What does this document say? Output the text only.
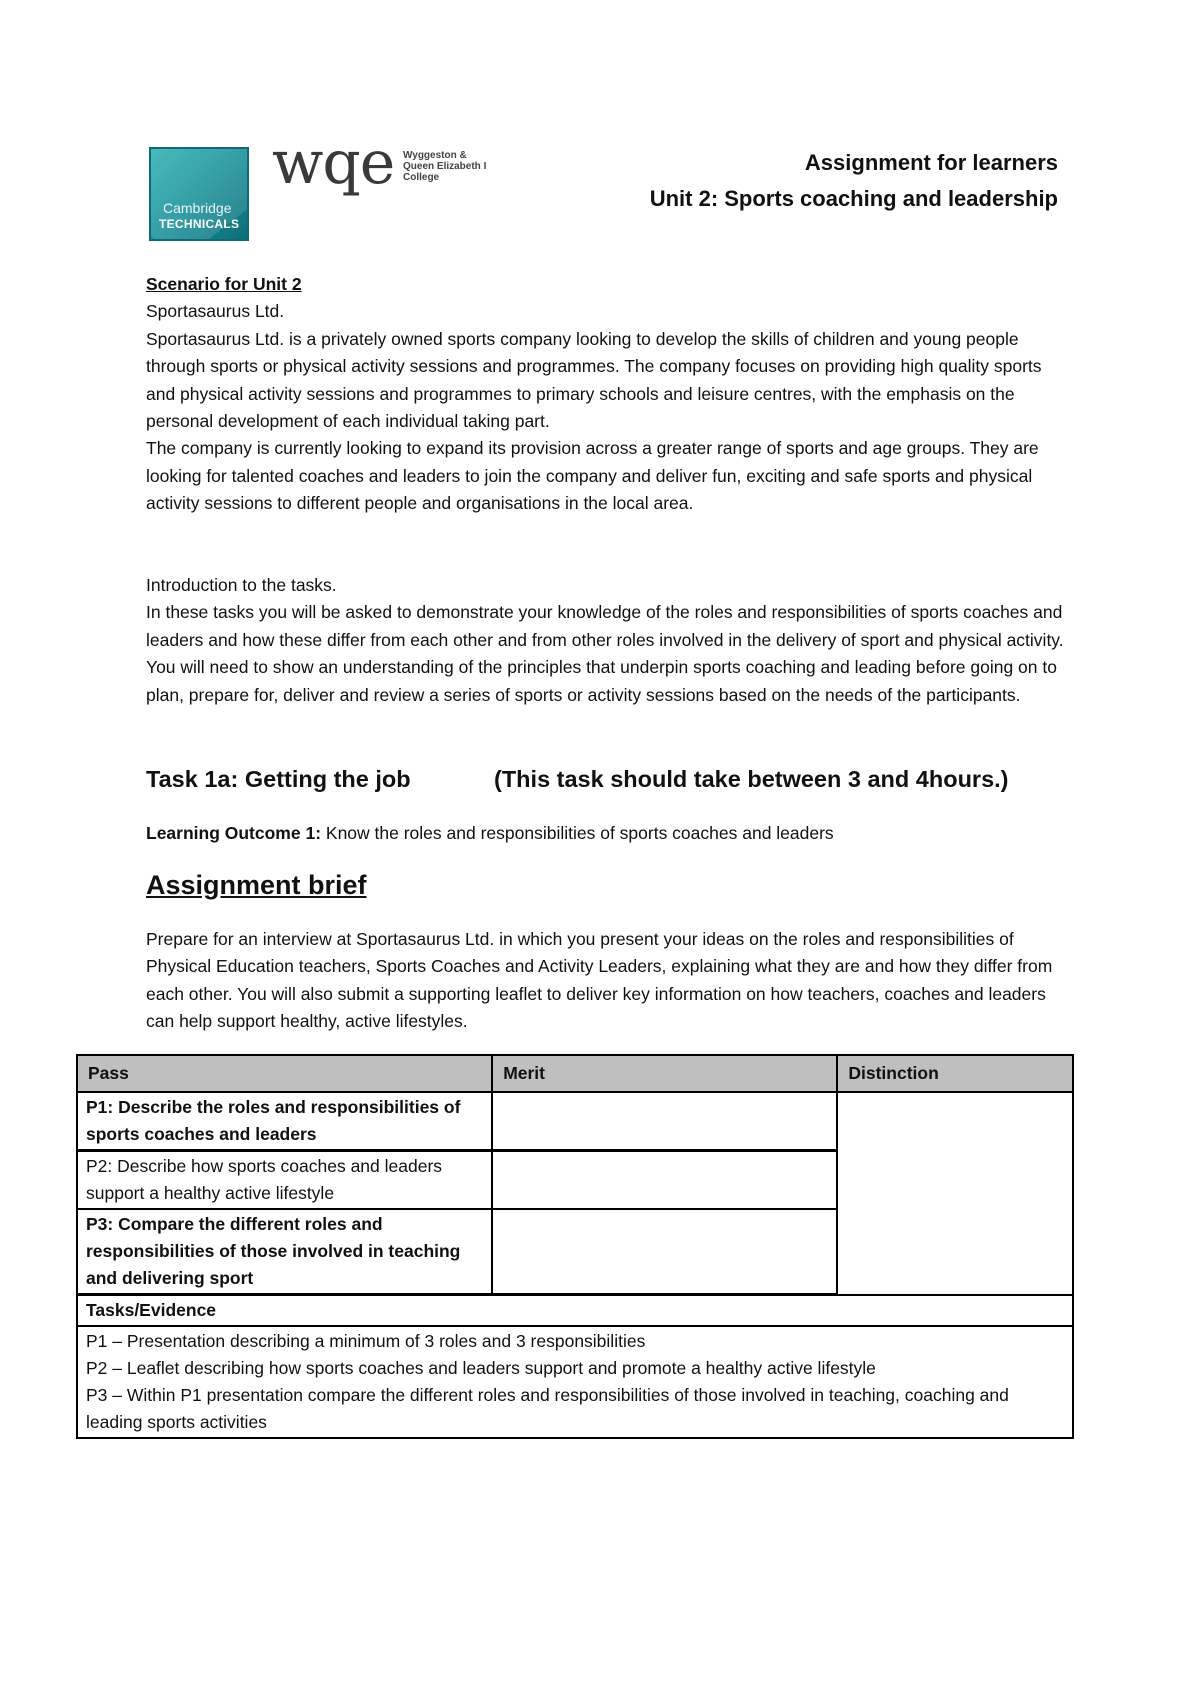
Cambridge
TECHNICALS
wqe Wyggeston &
Queen Elizabeth I
College
Assignment for learners
Unit 2: Sports coaching and leadership

Scenario for Unit 2

Sportasaurus Ltd.

Sportasaurus Ltd. is a privately owned sports company looking to develop the skills of children and young people through sports or physical activity sessions and programmes. The company focuses on providing high quality sports and physical activity sessions and programmes to primary schools and leisure centres, with the emphasis on the personal development of each individual taking part.

The company is currently looking to expand its provision across a greater range of sports and age groups. They are looking for talented coaches and leaders to join the company and deliver fun, exciting and safe sports and physical activity sessions to different people and organisations in the local area.

Introduction to the tasks.

In these tasks you will be asked to demonstrate your knowledge of the roles and responsibilities of sports coaches and leaders and how these differ from each other and from other roles involved in the delivery of sport and physical activity. You will need to show an understanding of the principles that underpin sports coaching and leading before going on to plan, prepare for, deliver and review a series of sports or activity sessions based on the needs of the participants.

Task 1a: Getting the job	(This task should take between 3 and 4hours.)
Learning Outcome 1: Know the roles and responsibilities of sports coaches and leaders
Assignment brief

Prepare for an interview at Sportasaurus Ltd. in which you present your ideas on the roles and responsibilities of Physical Education teachers, Sports Coaches and Activity Leaders, explaining what they are and how they differ from each other. You will also submit a supporting leaflet to deliver key information on how teachers, coaches and leaders can help support healthy, active lifestyles.

Pass	Merit	Distinction
P1: Describe the roles and responsibilities of sports coaches and leaders		
P2: Describe how sports coaches and leaders support a healthy active lifestyle		
P3: Compare the different roles and responsibilities of those involved in teaching and delivering sport		
Tasks/Evidence		

P1 – Presentation describing a minimum of 3 roles and 3 responsibilities
P2 – Leaflet describing how sports coaches and leaders support and promote a healthy active lifestyle
P3 – Within P1 presentation compare the different roles and responsibilities of those involved in teaching, coaching and leading sports activities		
